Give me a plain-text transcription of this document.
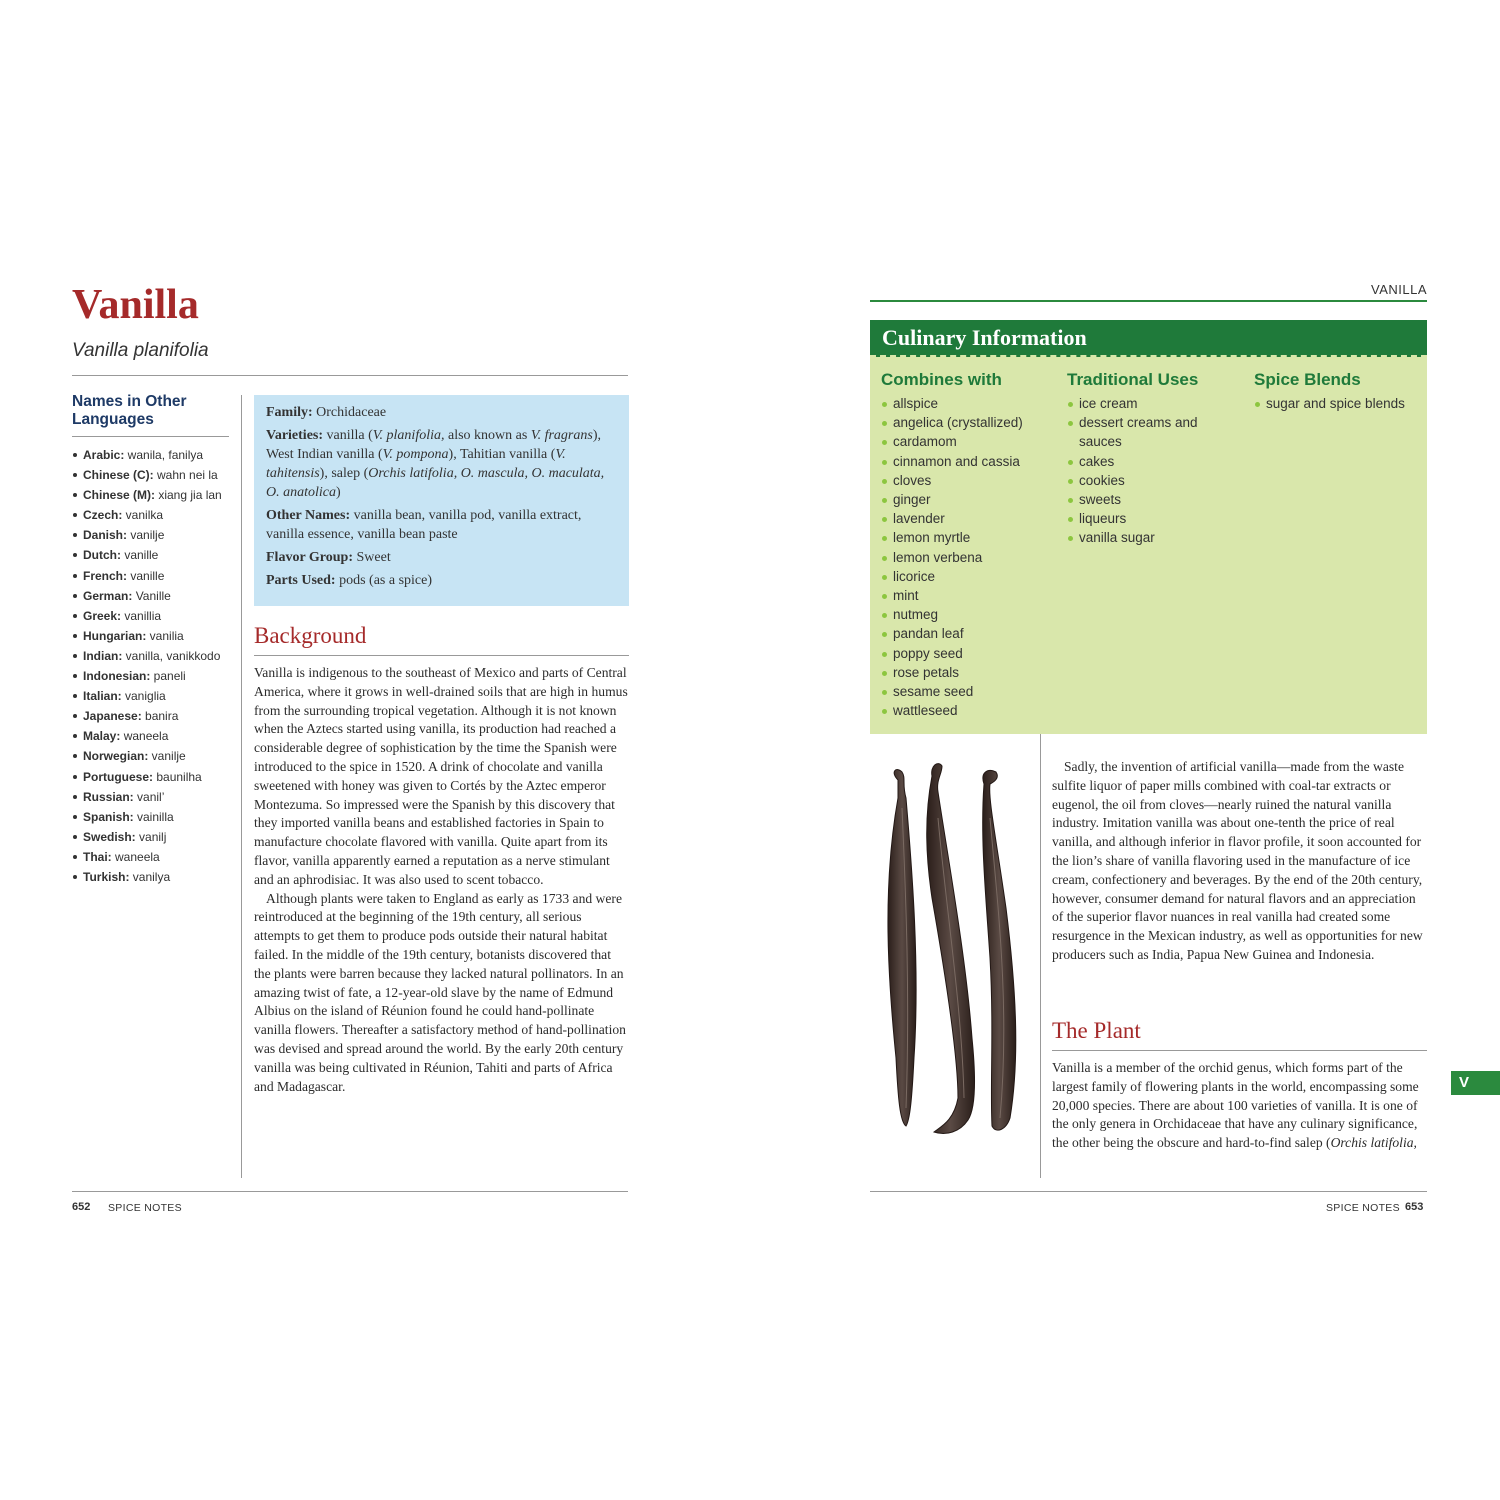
Vanilla
Vanilla planifolia
Names in Other Languages
Arabic: wanila, fanilya
Chinese (C): wahn nei la
Chinese (M): xiang jia lan
Czech: vanilka
Danish: vanilje
Dutch: vanille
French: vanille
German: Vanille
Greek: vanillia
Hungarian: vanilia
Indian: vanilla, vanikkodo
Indonesian: paneli
Italian: vaniglia
Japanese: banira
Malay: waneela
Norwegian: vanilje
Portuguese: baunilha
Russian: vanil’
Spanish: vainilla
Swedish: vanilj
Thai: waneela
Turkish: vanilya

Family: Orchidaceae

Varieties: vanilla (V. planifolia, also known as V. fragrans), West Indian vanilla (V. pompona), Tahitian vanilla (V. tahitensis), salep (Orchis latifolia, O. mascula, O. maculata, O. anatolica)

Other Names: vanilla bean, vanilla pod, vanilla extract, vanilla essence, vanilla bean paste

Flavor Group: Sweet

Parts Used: pods (as a spice)

Background

Vanilla is indigenous to the southeast of Mexico and parts of Central America, where it grows in well-drained soils that are high in humus from the surrounding tropical vegetation. Although it is not known when the Aztecs started using vanilla, its production had reached a considerable degree of sophistication by the time the Spanish were introduced to the spice in 1520. A drink of chocolate and vanilla sweetened with honey was given to Cortés by the Aztec emperor Montezuma. So impressed were the Spanish by this discovery that they imported vanilla beans and established factories in Spain to manufacture chocolate flavored with vanilla. Quite apart from its flavor, vanilla apparently earned a reputation as a nerve stimulant and an aphrodisiac. It was also used to scent tobacco.

Although plants were taken to England as early as 1733 and were reintroduced at the beginning of the 19th century, all serious attempts to get them to produce pods outside their natural habitat failed. In the middle of the 19th century, botanists discovered that the plants were barren because they lacked natural pollinators. In an amazing twist of fate, a 12-year-old slave by the name of Edmund Albius on the island of Réunion found he could hand-pollinate vanilla flowers. Thereafter a satisfactory method of hand-pollination was devised and spread around the world. By the early 20th century vanilla was being cultivated in Réunion, Tahiti and parts of Africa and Madagascar.

652 SPICE NOTES
VANILLA
Culinary Information
Combines with
allspice
angelica (crystallized)
cardamom
cinnamon and cassia
cloves
ginger
lavender
lemon myrtle
lemon verbena
licorice
mint
nutmeg
pandan leaf
poppy seed
rose petals
sesame seed
wattleseed
Traditional Uses
ice cream
dessert creams and sauces
cakes
cookies
sweets
liqueurs
vanilla sugar
Spice Blends
sugar and spice blends

Sadly, the invention of artificial vanilla—made from the waste sulfite liquor of paper mills combined with coal-tar extracts or eugenol, the oil from cloves—nearly ruined the natural vanilla industry. Imitation vanilla was about one-tenth the price of real vanilla, and although inferior in flavor profile, it soon accounted for the lion’s share of vanilla flavoring used in the manufacture of ice cream, confectionery and beverages. By the end of the 20th century, however, consumer demand for natural flavors and an appreciation of the superior flavor nuances in real vanilla had created some resurgence in the Mexican industry, as well as opportunities for new producers such as India, Papua New Guinea and Indonesia.

The Plant

Vanilla is a member of the orchid genus, which forms part of the largest family of flowering plants in the world, encompassing some 20,000 species. There are about 100 varieties of vanilla. It is one of the only genera in Orchidaceae that have any culinary significance, the other being the obscure and hard-to-find salep (Orchis latifolia,

V
SPICE NOTES 653
